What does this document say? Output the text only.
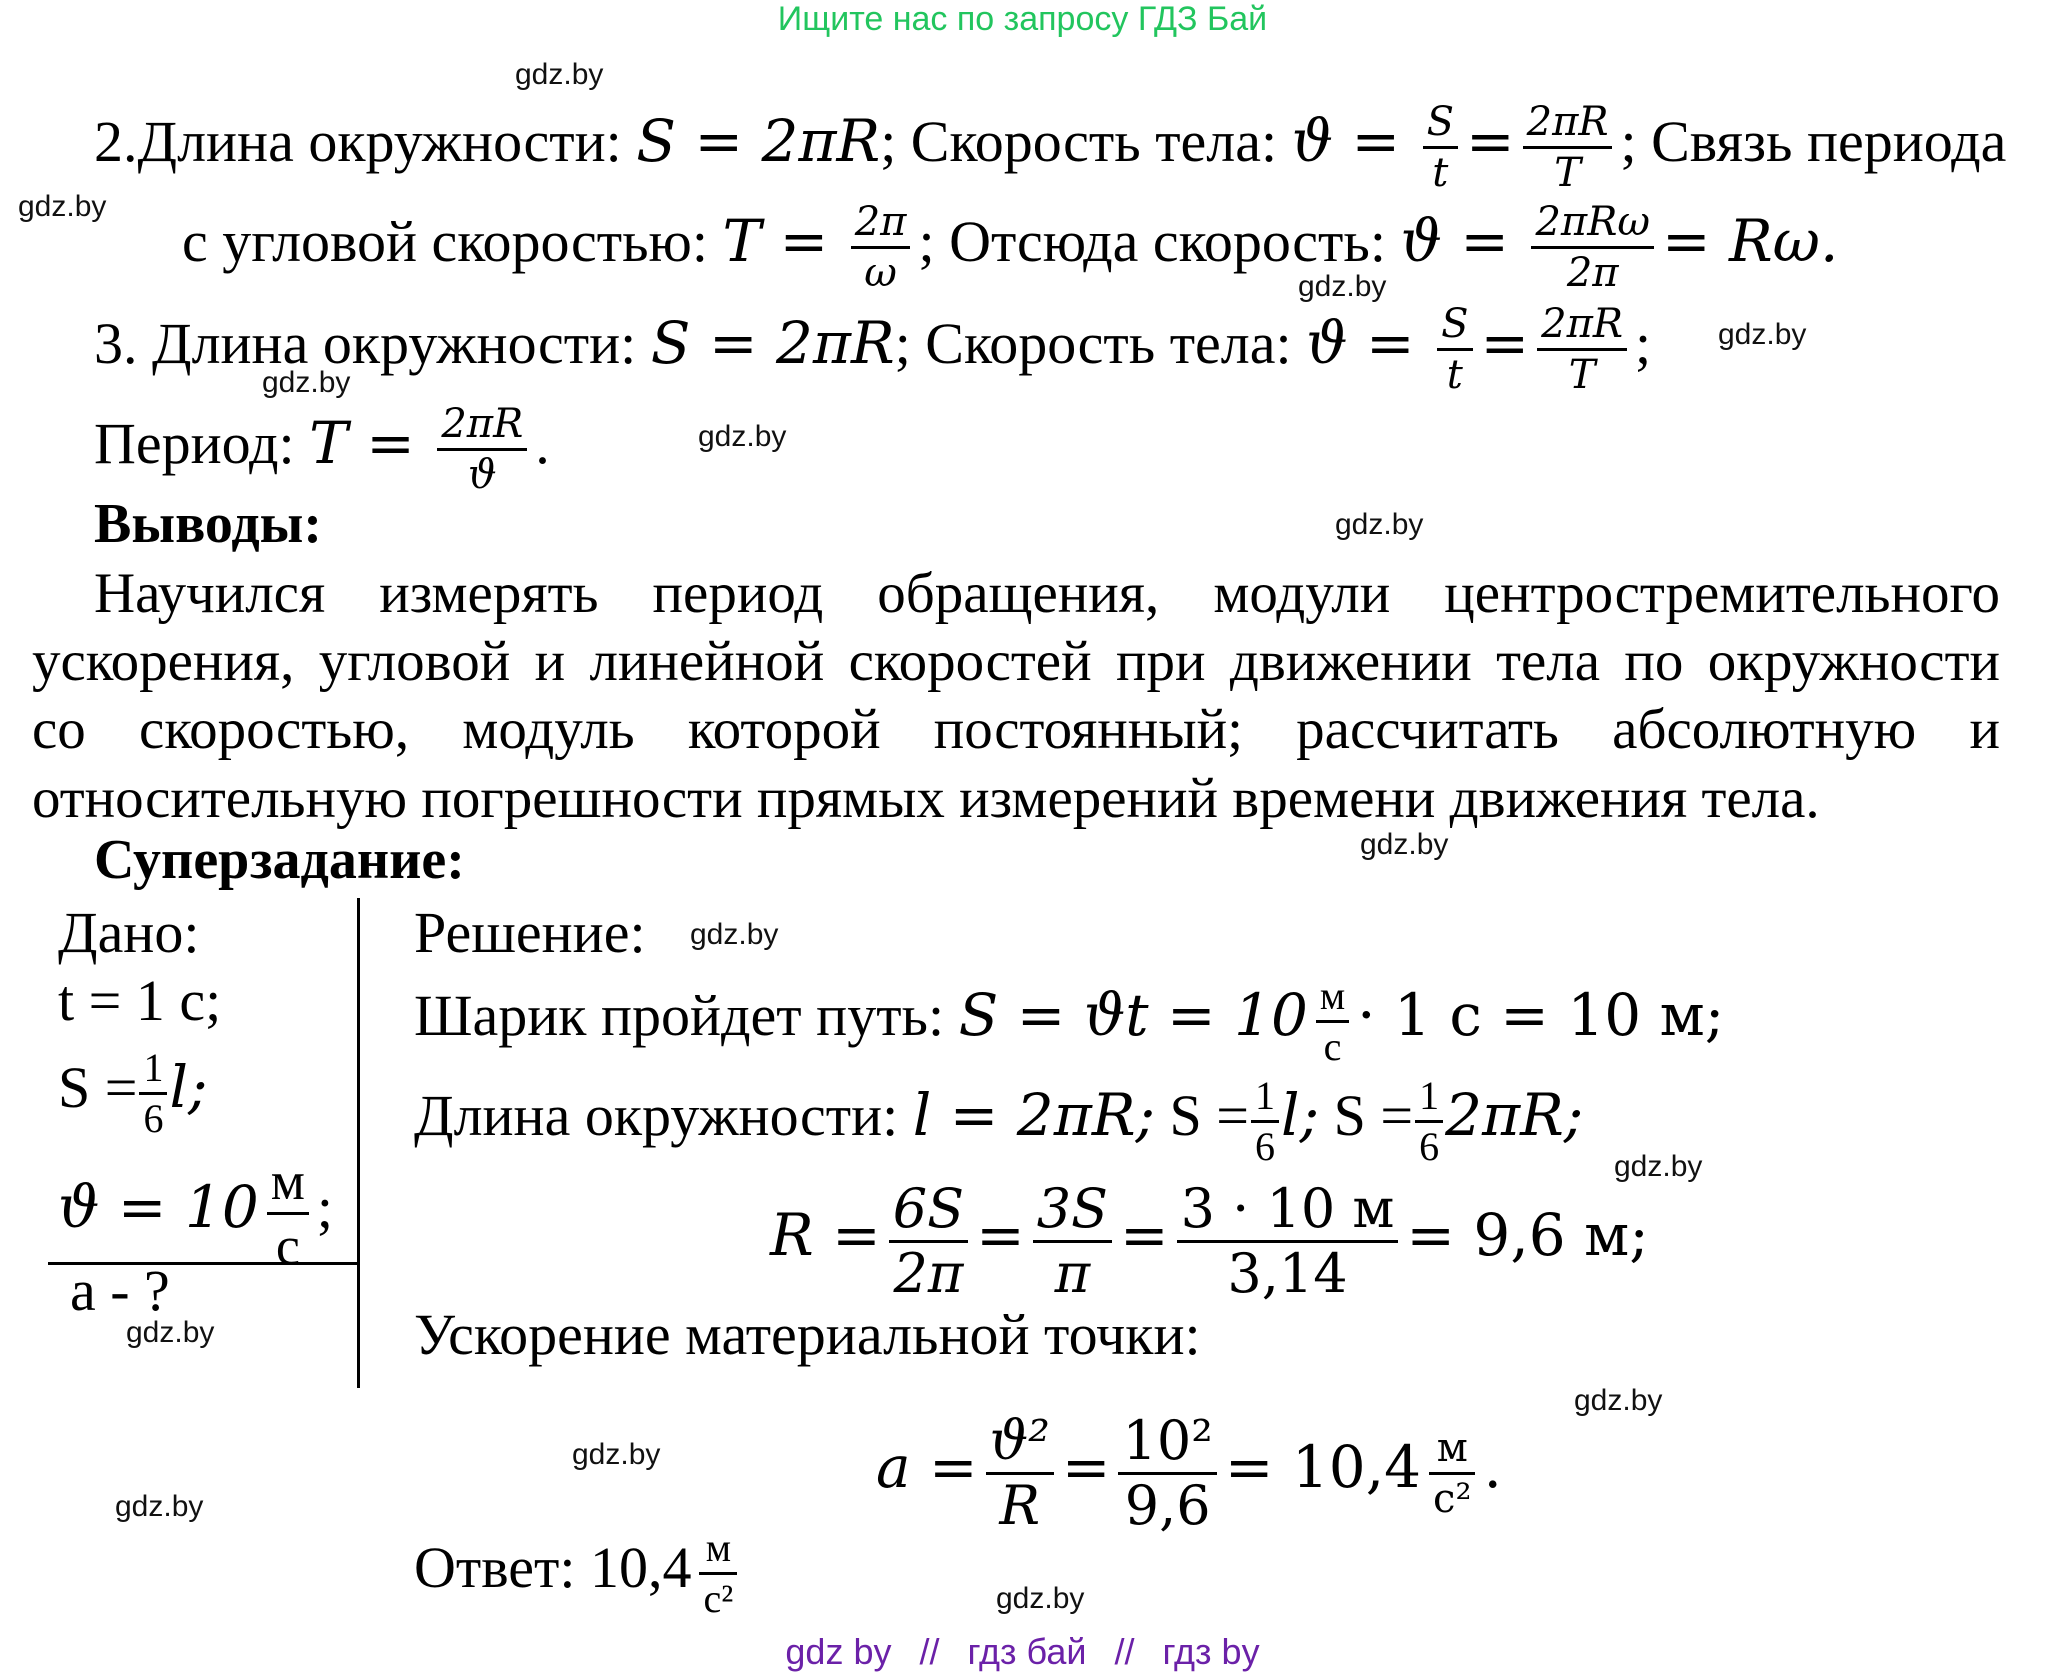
Ищите нас по запросу ГДЗ Бай
gdz.by
gdz.by
gdz.by
gdz.by
gdz.by
gdz.by
gdz.by
gdz.by
gdz.by
gdz.by
gdz.by
gdz.by
gdz.by
gdz.by
gdz.by
2.Длина окружности: S = 2πR; Скорость тела: $ϑ = \frac{S}{t} = \frac{2\pi R}{T}$ ; Связь периода
с угловой скоростью: $T = \frac{2\pi}{\omega}$ ; Отсюда скорость: $ϑ = \frac{\text{2πRω}}{2\pi} = R\omega$.
3. Длина окружности: S = 2πR; Скорость тела: $ϑ = \frac{S}{t} = \frac{2\pi R}{T}$ ;
Период: $T = \frac{2\pi R}{ϑ}$ .
Выводы:
Научился измерять период обращения, модули центростремительного
ускорения, угловой и линейной скоростей при движении тела по окружности
со скоростью, модуль которой постоянный; рассчитать абсолютную и
относительную погрешности прямых измерений времени движения тела.
Суперзадание:
Дано:
t = 1 с;
$S = \frac{1}{6} l$;
$ϑ = 10 \frac{м}{с}$ ;
a - ?
Решение:
Шарик пройдет путь: $S = ϑt = 10 \frac{м}{с} \cdot 1$ с = 10 м;
Длина окружности: l = 2πR; $S = \frac{1}{6} l$; $S = \frac{1}{6} 2\pi R$;
$R = \frac{6S}{2\pi} = \frac{3S}{\pi} = \frac{3 \cdot 10 м}{3,14} = 9,6$ м;
Ускорение материальной точки:
$a = \frac{\text{ϑ²}}{R} = \frac{\text{10²}}{9,6} = 10,4 \frac{м}{\text{с²}}$ .
Ответ: $10,4 \frac{м}{\text{с²}}$
gdz by // гдз бай // гдз by
